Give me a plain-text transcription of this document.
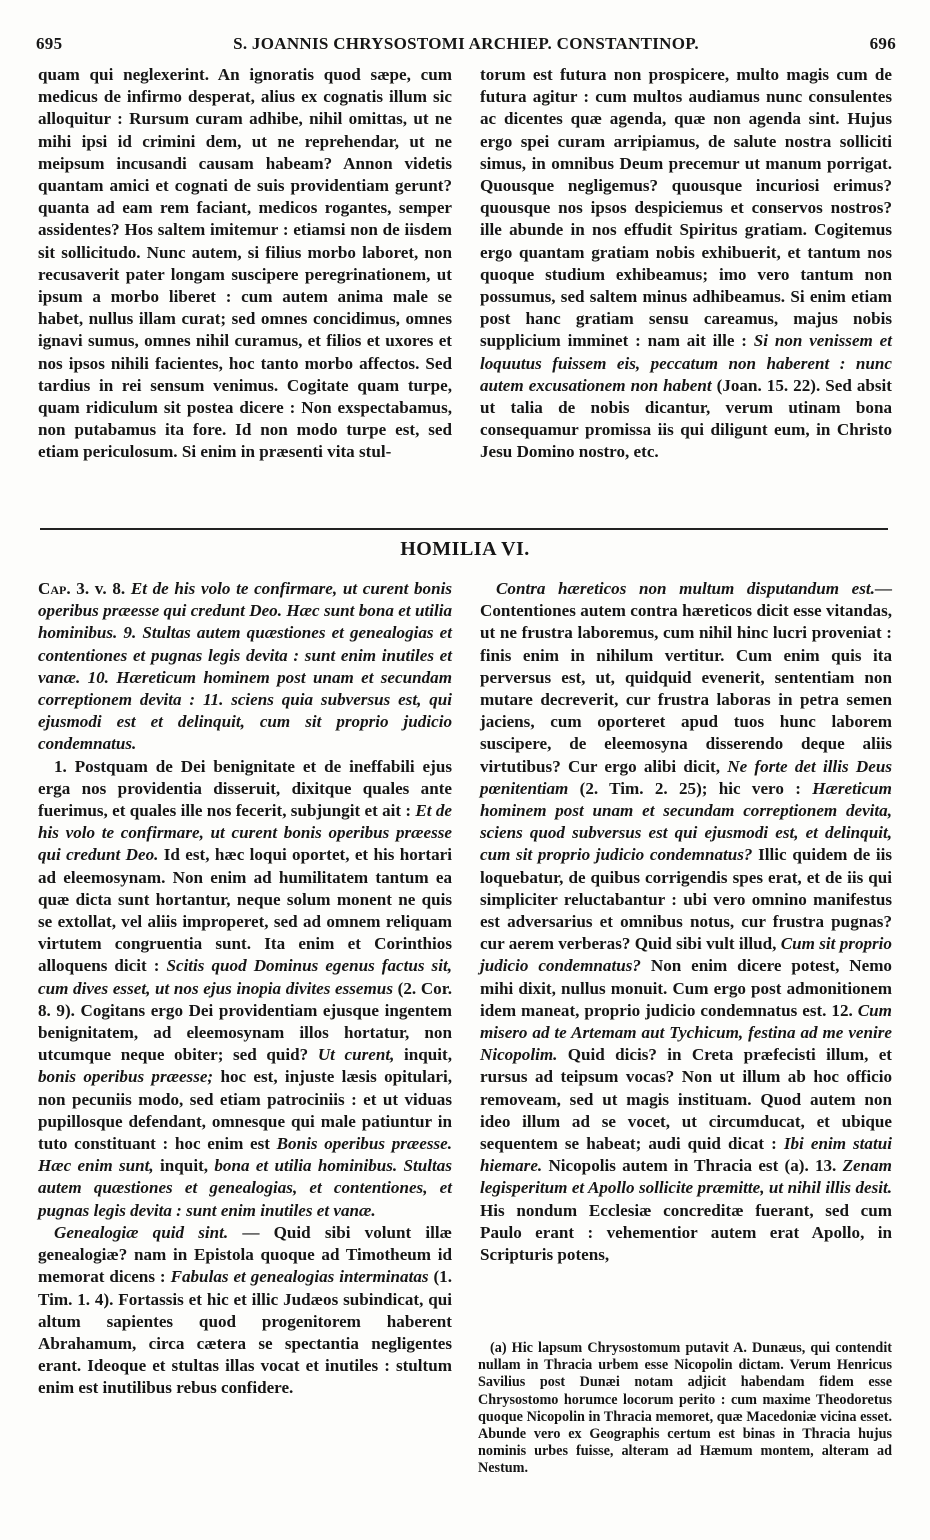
695	S. JOANNIS CHRYSOSTOMI ARCHIEP. CONSTANTINOP.	696

quam qui neglexerint. An ignoratis quod sæpe, cum medicus de infirmo desperat, alius ex cognatis illum sic alloquitur : Rursum curam adhibe, nihil omittas, ut ne mihi ipsi id crimini dem, ut ne reprehendar, ut ne meipsum incusandi causam habeam? Annon videtis quantam amici et cognati de suis providentiam gerunt? quanta ad eam rem faciant, medicos rogantes, semper assidentes? Hos saltem imitemur : etiamsi non de iisdem sit sollicitudo. Nunc autem, si filius morbo laboret, non recusaverit pater longam suscipere peregrinationem, ut ipsum a morbo liberet : cum autem anima male se habet, nullus illam curat; sed omnes concidimus, omnes ignavi sumus, omnes nihil curamus, et filios et uxores et nos ipsos nihili facientes, hoc tanto morbo affectos. Sed tardius in rei sensum venimus. Cogitate quam turpe, quam ridiculum sit postea dicere : Non exspectabamus, non putabamus ita fore. Id non modo turpe est, sed etiam periculosum. Si enim in præsenti vita stul-

torum est futura non prospicere, multo magis cum de futura agitur : cum multos audiamus nunc consulentes ac dicentes quæ agenda, quæ non agenda sint. Hujus ergo spei curam arripiamus, de salute nostra solliciti simus, in omnibus Deum precemur ut manum porrigat. Quousque negligemus? quousque incuriosi erimus? quousque nos ipsos despiciemus et conservos nostros? ille abunde in nos effudit Spiritus gratiam. Cogitemus ergo quantam gratiam nobis exhibuerit, et tantum nos quoque studium exhibeamus; imo vero tantum non possumus, sed saltem minus adhibeamus. Si enim etiam post hanc gratiam sensu careamus, majus nobis supplicium imminet : nam ait ille : Si non venissem et loquutus fuissem eis, peccatum non haberent : nunc autem excusationem non habent (Joan. 15. 22). Sed absit ut talia de nobis dicantur, verum utinam bona consequamur promissa iis qui diligunt eum, in Christo Jesu Domino nostro, etc.

HOMILIA VI.

Cap. 3. v. 8. Et de his volo te confirmare, ut curent bonis operibus præesse qui credunt Deo. Hæc sunt bona et utilia hominibus. 9. Stultas autem quæstiones et genealogias et contentiones et pugnas legis devita : sunt enim inutiles et vanæ. 10. Hæreticum hominem post unam et secundam correptionem devita : 11. sciens quia subversus est, qui ejusmodi est et delinquit, cum sit proprio judicio condemnatus.

1. Postquam de Dei benignitate et de ineffabili ejus erga nos providentia disseruit, dixitque quales ante fuerimus, et quales ille nos fecerit, subjungit et ait : Et de his volo te confirmare, ut curent bonis operibus præesse qui credunt Deo. Id est, hæc loqui oportet, et his hortari ad eleemosynam. Non enim ad humilitatem tantum ea quæ dicta sunt hortantur, neque solum monent ne quis se extollat, vel aliis improperet, sed ad omnem reliquam virtutem congruentia sunt. Ita enim et Corinthios alloquens dicit : Scitis quod Dominus egenus factus sit, cum dives esset, ut nos ejus inopia divites essemus (2. Cor. 8. 9). Cogitans ergo Dei providentiam ejusque ingentem benignitatem, ad eleemosynam illos hortatur, non utcumque neque obiter; sed quid? Ut curent, inquit, bonis operibus præesse; hoc est, injuste læsis opitulari, non pecuniis modo, sed etiam patrociniis : et ut viduas pupillosque defendant, omnesque qui male patiuntur in tuto constituant : hoc enim est Bonis operibus præesse. Hæc enim sunt, inquit, bona et utilia hominibus. Stultas autem quæstiones et genealogias, et contentiones, et pugnas legis devita : sunt enim inutiles et vanæ.

Genealogiæ quid sint. — Quid sibi volunt illæ genealogiæ? nam in Epistola quoque ad Timotheum id memorat dicens : Fabulas et genealogias interminatas (1. Tim. 1. 4). Fortassis et hic et illic Judæos subindicat, qui altum sapientes quod progenitorem haberent Abrahamum, circa cætera se spectantia negligentes erant. Ideoque et stultas illas vocat et inutiles : stultum enim est inutilibus rebus confidere.

Contra hæreticos non multum disputandum est.—Contentiones autem contra hæreticos dicit esse vitandas, ut ne frustra laboremus, cum nihil hinc lucri proveniat : finis enim in nihilum vertitur. Cum enim quis ita perversus est, ut, quidquid evenerit, sententiam non mutare decreverit, cur frustra laboras in petra semen jaciens, cum oporteret apud tuos hunc laborem suscipere, de eleemosyna disserendo deque aliis virtutibus? Cur ergo alibi dicit, Ne forte det illis Deus pœnitentiam (2. Tim. 2. 25); hic vero : Hæreticum hominem post unam et secundam correptionem devita, sciens quod subversus est qui ejusmodi est, et delinquit, cum sit proprio judicio condemnatus? Illic quidem de iis loquebatur, de quibus corrigendis spes erat, et de iis qui simpliciter reluctabantur : ubi vero omnino manifestus est adversarius et omnibus notus, cur frustra pugnas? cur aerem verberas? Quid sibi vult illud, Cum sit proprio judicio condemnatus? Non enim dicere potest, Nemo mihi dixit, nullus monuit. Cum ergo post admonitionem idem maneat, proprio judicio condemnatus est. 12. Cum misero ad te Artemam aut Tychicum, festina ad me venire Nicopolim. Quid dicis? in Creta præfecisti illum, et rursus ad teipsum vocas? Non ut illum ab hoc officio removeam, sed ut magis instituam. Quod autem non ideo illum ad se vocet, ut circumducat, et ubique sequentem se habeat; audi quid dicat : Ibi enim statui hiemare. Nicopolis autem in Thracia est (a). 13. Zenam legisperitum et Apollo sollicite præmitte, ut nihil illis desit. His nondum Ecclesiæ concreditæ fuerant, sed cum Paulo erant : vehementior autem erat Apollo, in Scripturis potens,

(a) Hic lapsum Chrysostomum putavit A. Dunæus, qui contendit nullam in Thracia urbem esse Nicopolin dictam. Verum Henricus Savilius post Dunæi notam adjicit habendam fidem esse Chrysostomo horumce locorum perito : cum maxime Theodoretus quoque Nicopolin in Thracia memoret, quæ Macedoniæ vicina esset. Abunde vero ex Geographis certum est binas in Thracia hujus nominis urbes fuisse, alteram ad Hæmum montem, alteram ad Nestum.
